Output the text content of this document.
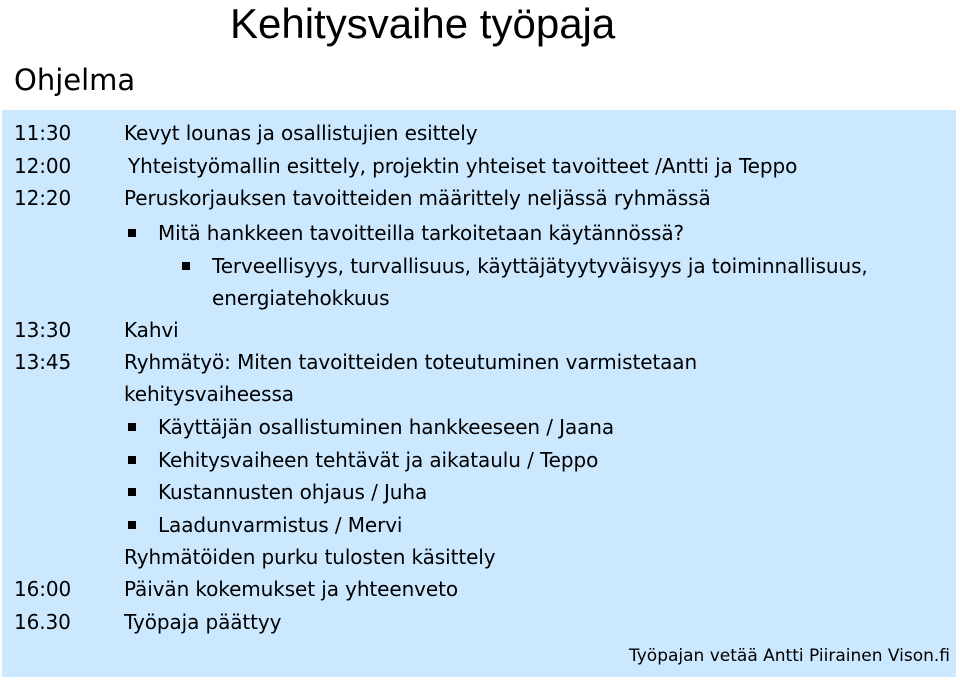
Kehitysvaihe työpaja
Ohjelma
11:30	Kevyt lounas ja osallistujien esittely
12:00	Yhteistyömallin esittely, projektin yhteiset tavoitteet /Antti ja Teppo
12:20	Peruskorjauksen tavoitteiden määrittely neljässä ryhmässä
Mitä hankkeen tavoitteilla tarkoitetaan käytännössä?
Terveellisyys, turvallisuus, käyttäjätyytyväisyys ja toiminnallisuus,
energiatehokkuus
13:30	Kahvi
13:45	Ryhmätyö: Miten tavoitteiden toteutuminen varmistetaan
kehitysvaiheessa
Käyttäjän osallistuminen hankkeeseen / Jaana
Kehitysvaiheen tehtävät ja aikataulu / Teppo
Kustannusten ohjaus / Juha
Laadunvarmistus / Mervi
Ryhmätöiden purku tulosten käsittely
16:00	Päivän kokemukset ja yhteenveto
16.30	Työpaja päättyy
Työpajan vetää Antti Piirainen Vison.fi
